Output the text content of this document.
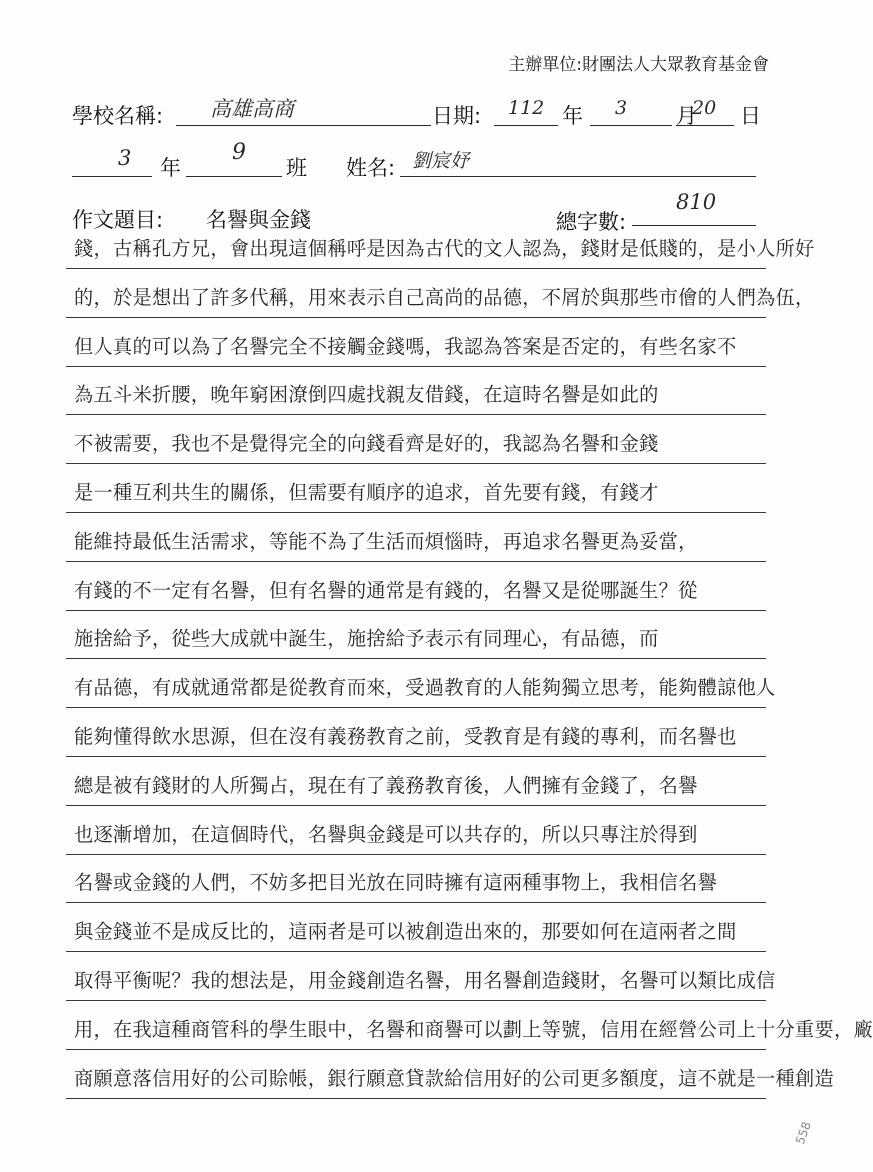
主辦單位:財團法人大眾教育基金會
學校名稱: 高雄高商	日期: 112 年 3 月
20 日
3 年
9
班 姓名: 劉宸妤
作文題目: 名譽與金錢	總字數:
810
錢，古稱孔方兄，會出現這個稱呼是因為古代的文人認為，錢財是低賤的，是小人所好
的，於是想出了許多代稱，用來表示自己高尚的品德，不屑於與那些市儈的人們為伍，
但人真的可以為了名譽完全不接觸金錢嗎，我認為答案是否定的，有些名家不
為五斗米折腰，晚年窮困潦倒四處找親友借錢，在這時名譽是如此的
不被需要，我也不是覺得完全的向錢看齊是好的，我認為名譽和金錢
是一種互利共生的關係，但需要有順序的追求，首先要有錢，有錢才
能維持最低生活需求，等能不為了生活而煩惱時，再追求名譽更為妥當，
有錢的不一定有名譽，但有名譽的通常是有錢的，名譽又是從哪誕生？從
施捨給予，從些大成就中誕生，施捨給予表示有同理心，有品德，而
有品德，有成就通常都是從教育而來，受過教育的人能夠獨立思考，能夠體諒他人
能夠懂得飲水思源，但在沒有義務教育之前，受教育是有錢的專利，而名譽也
總是被有錢財的人所獨占，現在有了義務教育後，人們擁有金錢了，名譽
也逐漸增加，在這個時代，名譽與金錢是可以共存的，所以只專注於得到
名譽或金錢的人們，不妨多把目光放在同時擁有這兩種事物上，我相信名譽
與金錢並不是成反比的，這兩者是可以被創造出來的，那要如何在這兩者之間
取得平衡呢？我的想法是，用金錢創造名譽，用名譽創造錢財，名譽可以類比成信
用，在我這種商管科的學生眼中，名譽和商譽可以劃上等號，信用在經營公司上十分重要，廠
商願意落信用好的公司賒帳，銀行願意貸款給信用好的公司更多額度，這不就是一種創造
558
